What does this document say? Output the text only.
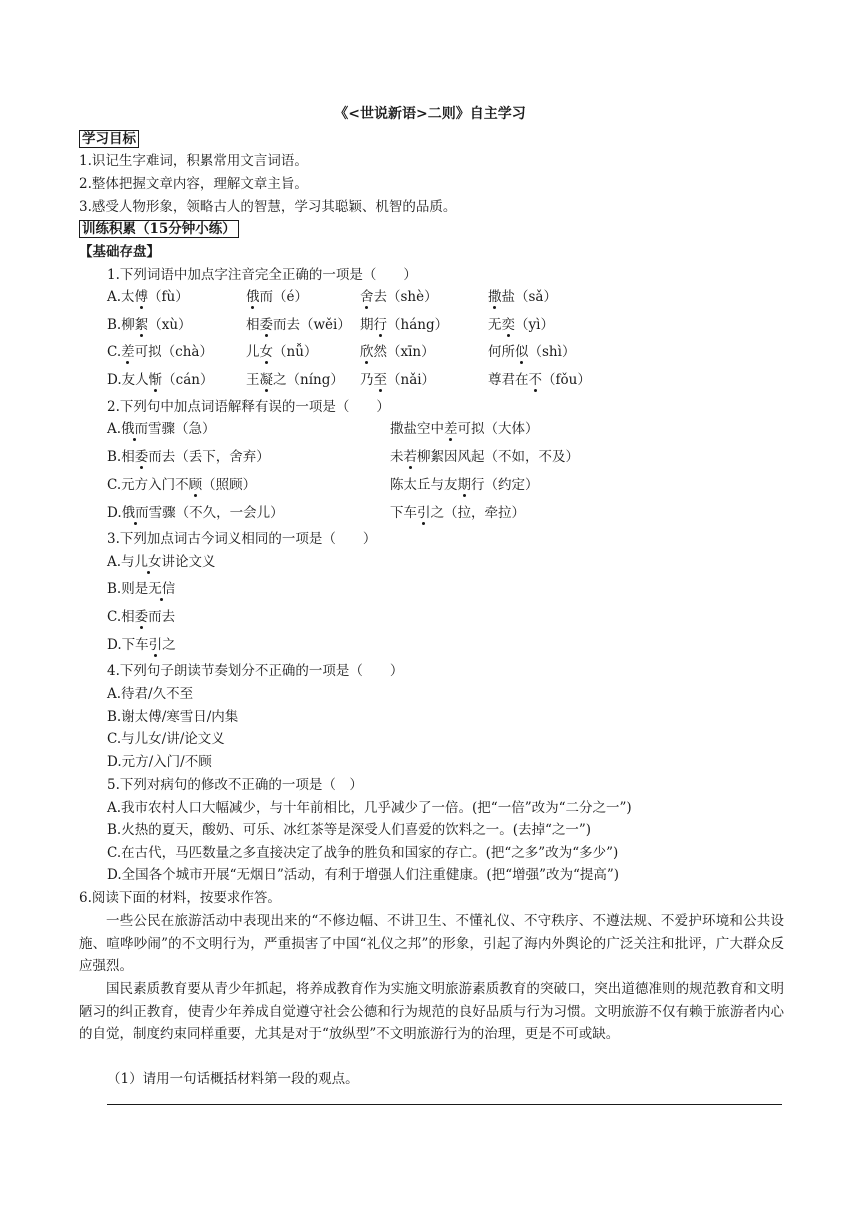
《<世说新语>二则》自主学习
学习目标
1.识记生字难词，积累常用文言词语。
2.整体把握文章内容，理解文章主旨。
3.感受人物形象，领略古人的智慧，学习其聪颖、机智的品质。
训练积累（15分钟小练）
【基础存盘】
1.下列词语中加点字注音完全正确的一项是（　　）
A.太傅（fù）	俄而（é）	舍去（shè）	撒盐（sǎ）
B.柳絮（xù）	相委而去（wěi） 期行（háng）	无奕（yì）
C.差可拟（chà） 儿女（nǚ）	欣然（xīn）	何所似（shì）
D.友人惭（cán） 王凝之（níng） 乃至（nǎi）	尊君在不（fǒu）
2.下列句中加点词语解释有误的一项是（　　）
A.俄而雪骤（急）	撒盐空中差可拟（大体）
B.相委而去（丢下，舍弃）	未若柳絮因风起（不如，不及）
C.元方入门不顾（照顾）	陈太丘与友期行（约定）
D.俄而雪骤（不久，一会儿）	下车引之（拉，牵拉）
3.下列加点词古今词义相同的一项是（　　）
A.与儿女讲论文义
B.则是无信
C.相委而去
D.下车引之
4.下列句子朗读节奏划分不正确的一项是（　　）
A.待君/久不至
B.谢太傅/寒雪日/内集
C.与儿女/讲/论文义
D.元方/入门/不顾
5.下列对病句的修改不正确的一项是（　）
A.我市农村人口大幅减少，与十年前相比，几乎减少了一倍。(把“一倍”改为“二分之一”)
B.火热的夏天，酸奶、可乐、冰红茶等是深受人们喜爱的饮料之一。(去掉“之一”)
C.在古代，马匹数量之多直接决定了战争的胜负和国家的存亡。(把“之多”改为“多少”)
D.全国各个城市开展“无烟日”活动，有利于增强人们注重健康。(把“增强”改为“提高”)
6.阅读下面的材料，按要求作答。
一些公民在旅游活动中表现出来的“不修边幅、不讲卫生、不懂礼仪、不守秩序、不遵法规、不爱护环境和公共设施、喧哗吵闹”的不文明行为，严重损害了中国“礼仪之邦”的形象，引起了海内外舆论的广泛关注和批评，广大群众反应强烈。
国民素质教育要从青少年抓起，将养成教育作为实施文明旅游素质教育的突破口，突出道德准则的规范教育和文明陋习的纠正教育，使青少年养成自觉遵守社会公德和行为规范的良好品质与行为习惯。文明旅游不仅有赖于旅游者内心的自觉，制度约束同样重要，尤其是对于“放纵型”不文明旅游行为的治理，更是不可或缺。
（1）请用一句话概括材料第一段的观点。
